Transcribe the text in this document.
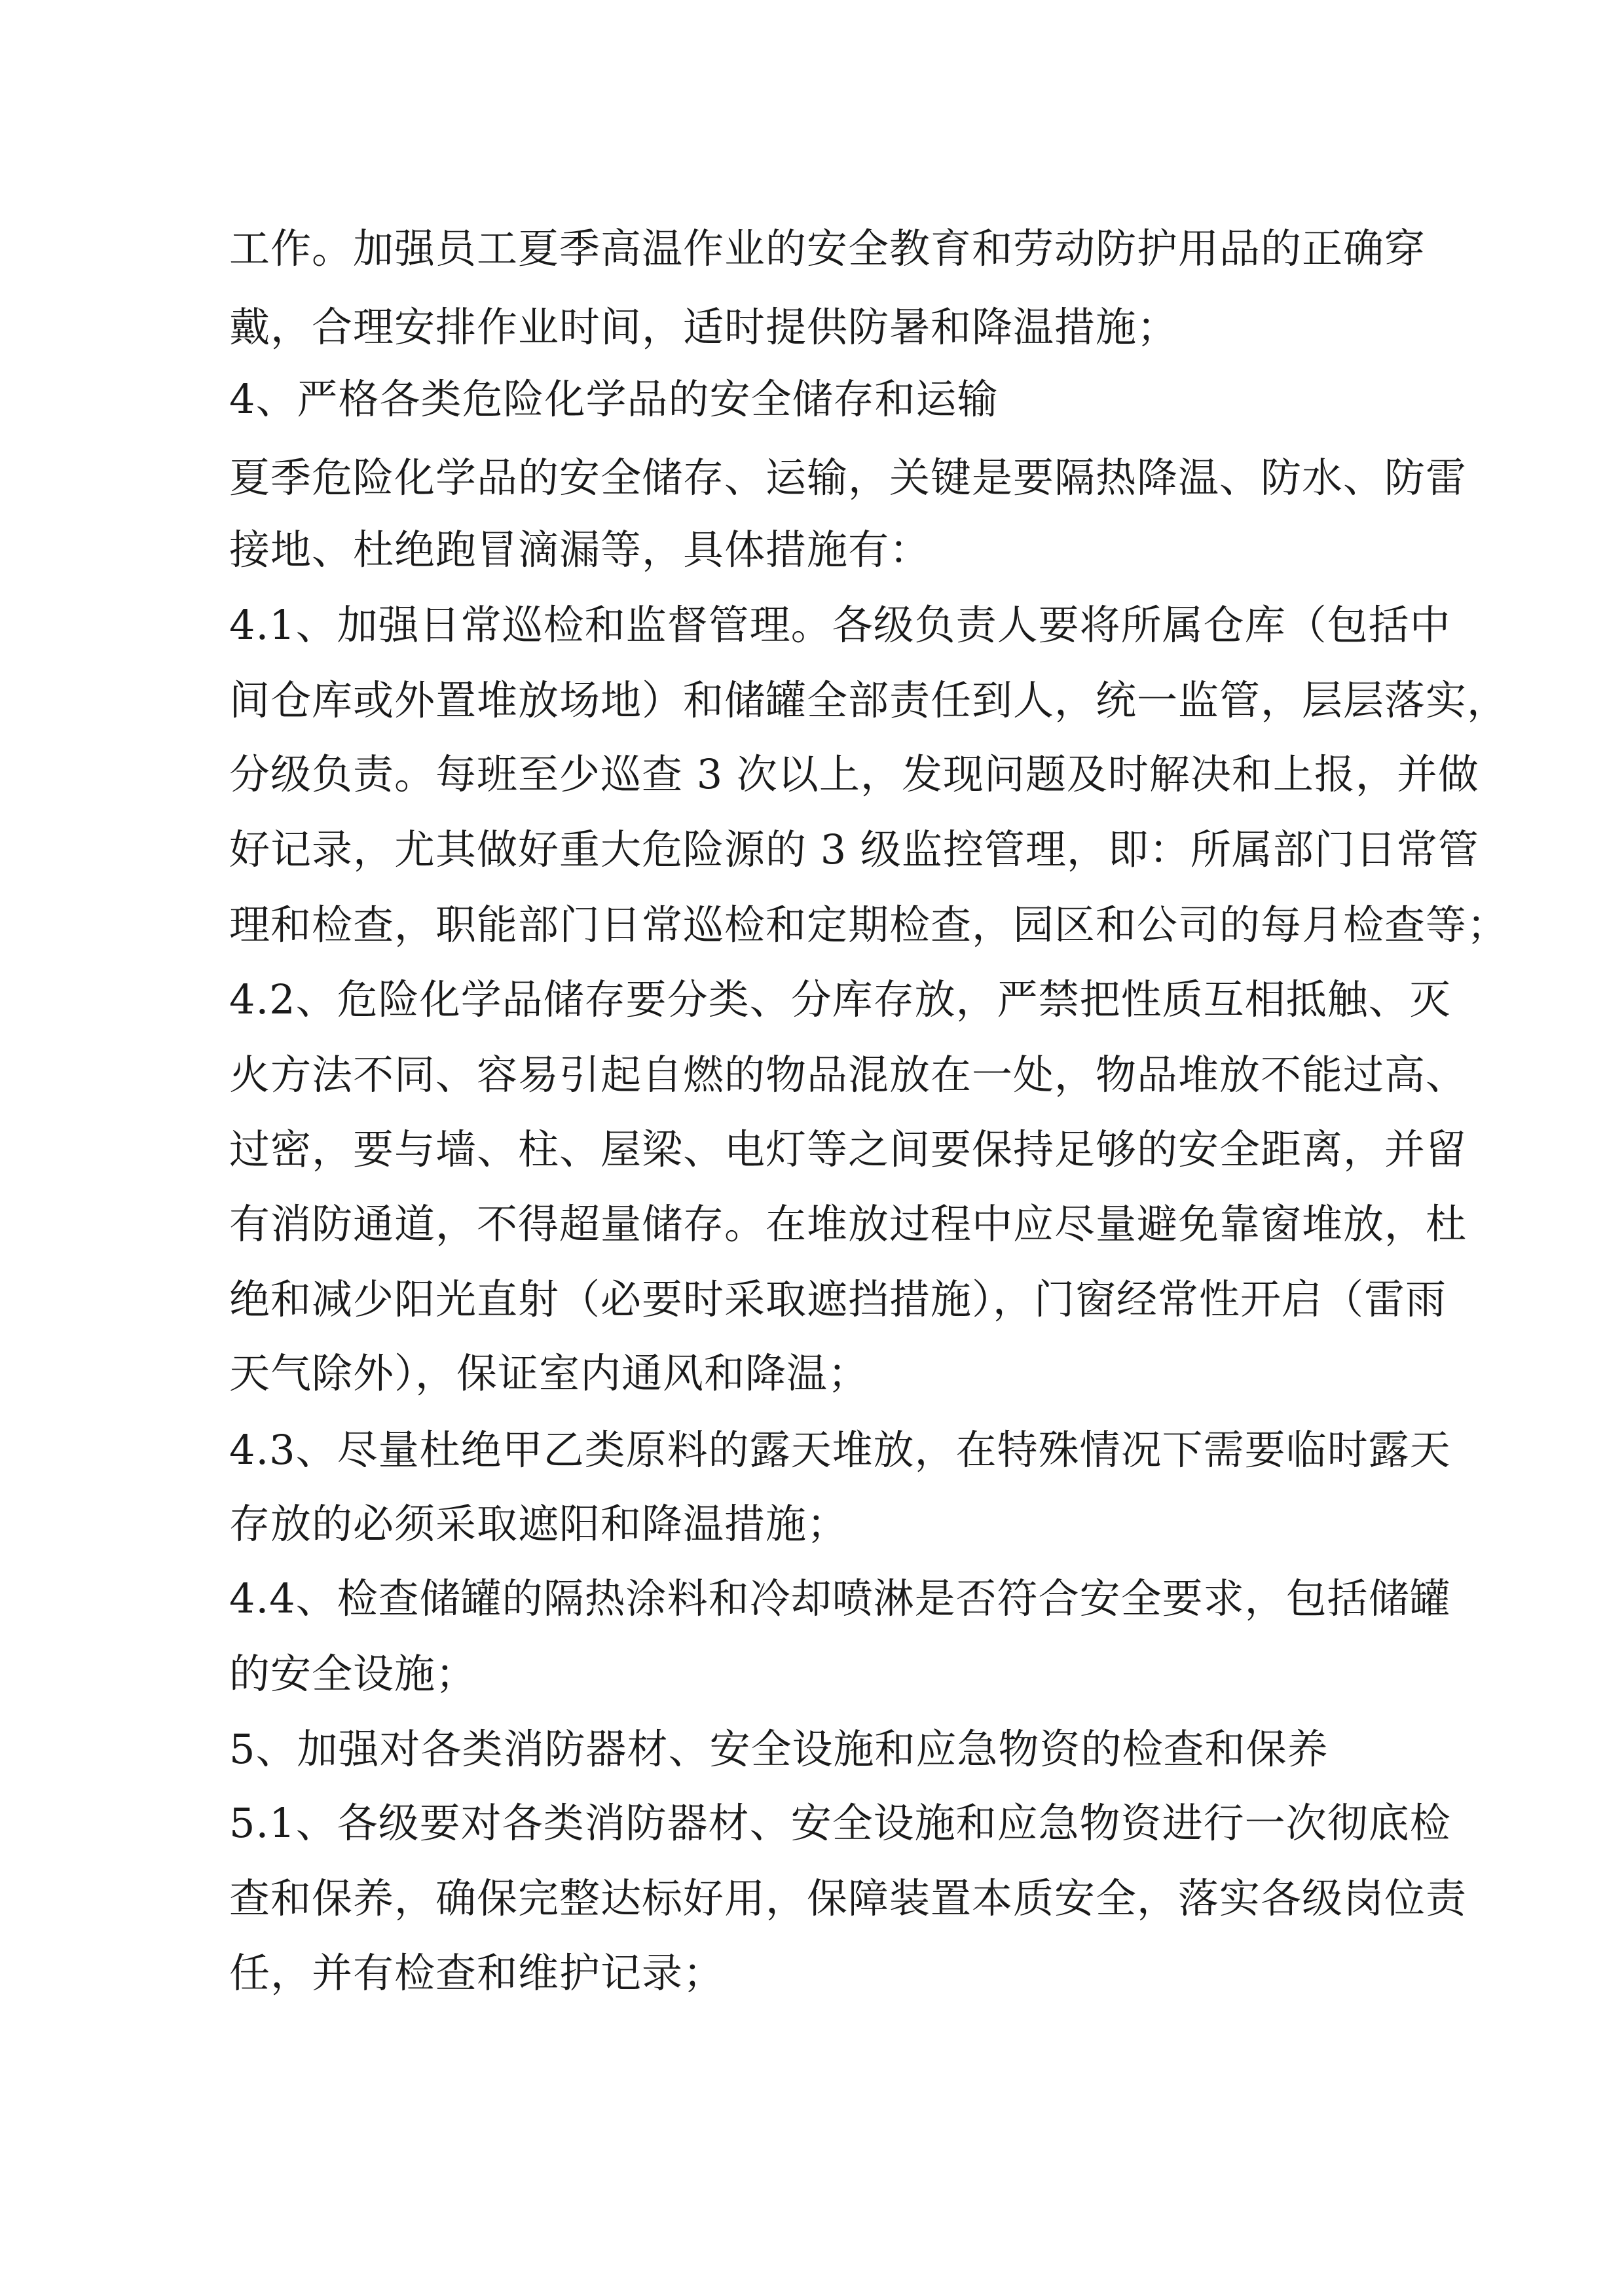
工作。加强员工夏季高温作业的安全教育和劳动防护用品的正确穿
戴，合理安排作业时间，适时提供防暑和降温措施；
4、严格各类危险化学品的安全储存和运输
夏季危险化学品的安全储存、运输，关键是要隔热降温、防水、防雷
接地、杜绝跑冒滴漏等，具体措施有：
4.1、加强日常巡检和监督管理。各级负责人要将所属仓库（包括中
间仓库或外置堆放场地）和储罐全部责任到人，统一监管，层层落实，
分级负责。每班至少巡查 3 次以上，发现问题及时解决和上报，并做
好记录，尤其做好重大危险源的 3 级监控管理，即：所属部门日常管
理和检查，职能部门日常巡检和定期检查，园区和公司的每月检查等；
4.2、危险化学品储存要分类、分库存放，严禁把性质互相抵触、灭
火方法不同、容易引起自燃的物品混放在一处，物品堆放不能过高、
过密，要与墙、柱、屋梁、电灯等之间要保持足够的安全距离，并留
有消防通道，不得超量储存。在堆放过程中应尽量避免靠窗堆放，杜
绝和减少阳光直射（必要时采取遮挡措施），门窗经常性开启（雷雨
天气除外），保证室内通风和降温；
4.3、尽量杜绝甲乙类原料的露天堆放，在特殊情况下需要临时露天
存放的必须采取遮阳和降温措施；
4.4、检查储罐的隔热涂料和冷却喷淋是否符合安全要求，包括储罐
的安全设施；
5、加强对各类消防器材、安全设施和应急物资的检查和保养
5.1、各级要对各类消防器材、安全设施和应急物资进行一次彻底检
查和保养，确保完整达标好用，保障装置本质安全，落实各级岗位责
任，并有检查和维护记录；
